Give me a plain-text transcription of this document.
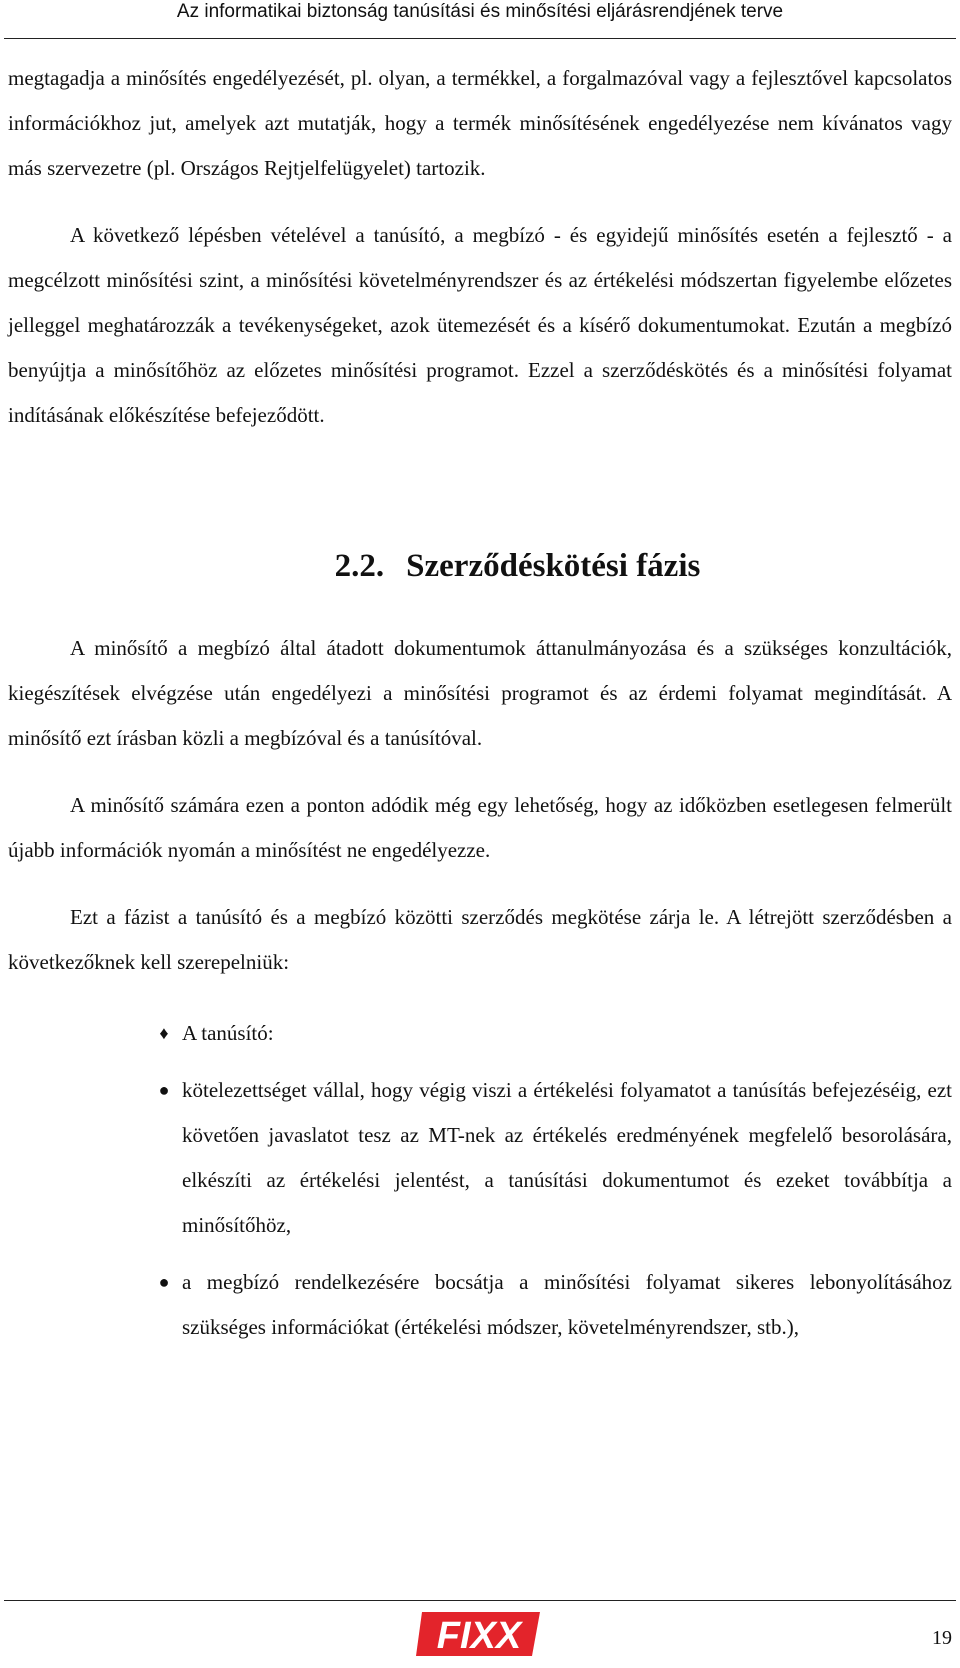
Az informatikai biztonság tanúsítási és minősítési eljárásrendjének terve

megtagadja a minősítés engedélyezését, pl. olyan, a termékkel, a forgalmazóval vagy a fejlesztővel kapcsolatos információkhoz jut, amelyek azt mutatják, hogy a termék minősítésének engedélyezése nem kívánatos vagy más szervezetre (pl. Országos Rejtjelfelügyelet) tartozik.

A következő lépésben vételével a tanúsító, a megbízó - és egyidejű minősítés esetén a fejlesztő - a megcélzott minősítési szint, a minősítési követelményrendszer és az értékelési módszertan figyelembe előzetes jelleggel meghatározzák a tevékenységeket, azok ütemezését és a kísérő dokumentumokat. Ezután a megbízó benyújtja a minősítőhöz az előzetes minősítési programot. Ezzel a szerződéskötés és a minősítési folyamat indításának előkészítése befejeződött.

2.2. Szerződéskötési fázis

A minősítő a megbízó által átadott dokumentumok áttanulmányozása és a szükséges konzultációk, kiegészítések elvégzése után engedélyezi a minősítési programot és az érdemi folyamat megindítását. A minősítő ezt írásban közli a megbízóval és a tanúsítóval.

A minősítő számára ezen a ponton adódik még egy lehetőség, hogy az időközben esetlegesen felmerült újabb információk nyomán a minősítést ne engedélyezze.

Ezt a fázist a tanúsító és a megbízó közötti szerződés megkötése zárja le. A létrejött szerződésben a következőknek kell szerepelniük:

♦ A tanúsító:
● kötelezettséget vállal, hogy végig viszi a értékelési folyamatot a tanúsítás befejezéséig, ezt követően javaslatot tesz az MT-nek az értékelés eredményének megfelelő besorolására, elkészíti az értékelési jelentést, a tanúsítási dokumentumot és ezeket továbbítja a minősítőhöz,
● a megbízó rendelkezésére bocsátja a minősítési folyamat sikeres lebonyolításához szükséges információkat (értékelési módszer, követelményrendszer, stb.),
FIXX	19
